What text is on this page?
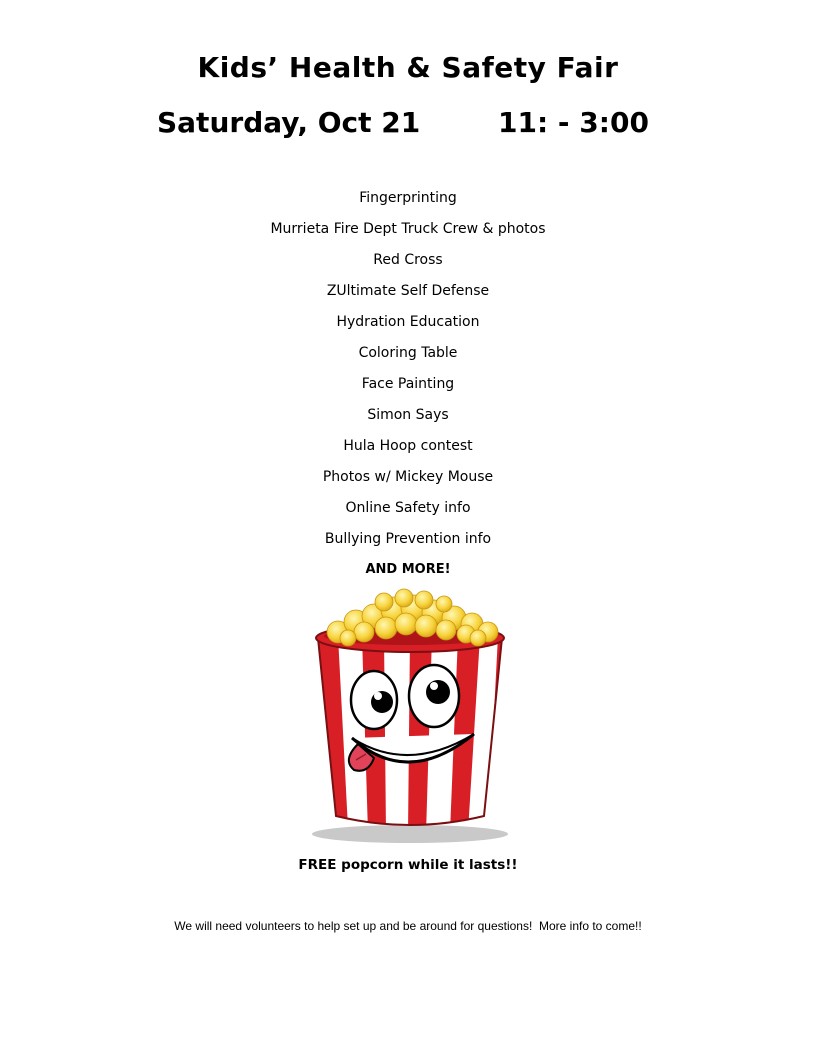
Kids’ Health & Safety Fair
Saturday, Oct 21	11: - 3:00
Fingerprinting
Murrieta Fire Dept Truck Crew & photos
Red Cross
ZUltimate Self Defense
Hydration Education
Coloring Table
Face Painting
Simon Says
Hula Hoop contest
Photos w/ Mickey Mouse
Online Safety info
Bullying Prevention info
AND MORE!
FREE popcorn while it lasts!!
We will need volunteers to help set up and be around for questions!  More info to come!!
